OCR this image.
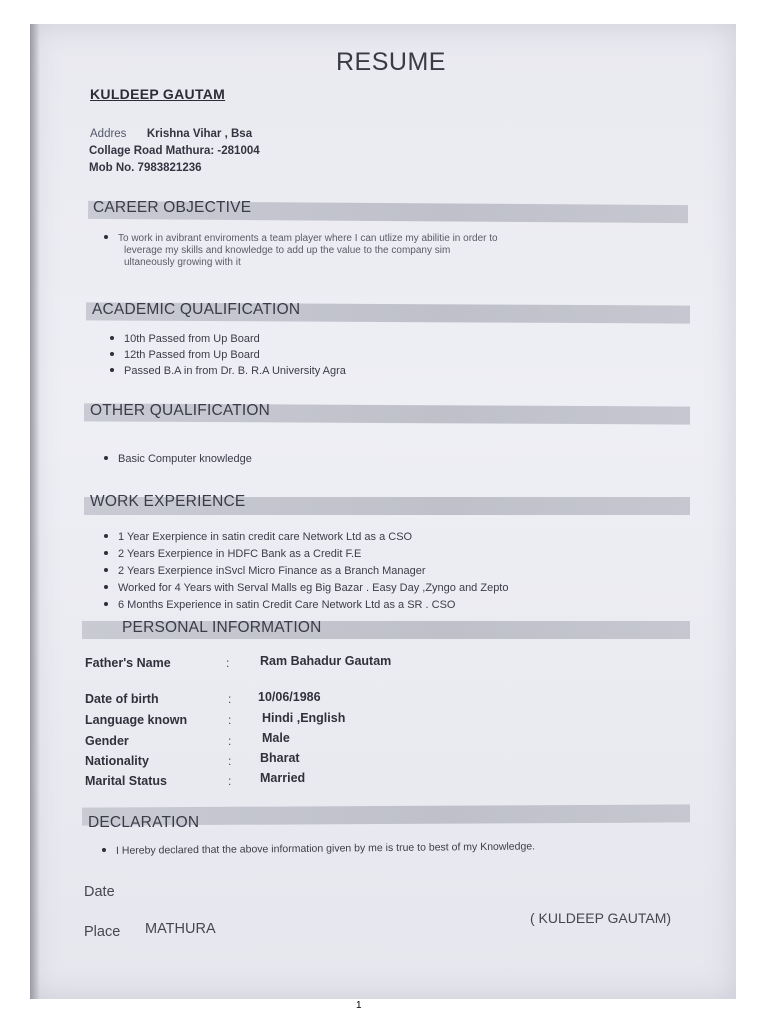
RESUME
KULDEEP GAUTAM
Addres Krishna Vihar , Bsa
Collage Road Mathura: -281004
Mob No. 7983821236
CAREER OBJECTIVE
To work in avibrant enviroments a team player where I can utlize my abilitie in order to
leverage my skills and knowledge to add up the value to the company sim
ultaneously growing with it
ACADEMIC QUALIFICATION
10th Passed from Up Board
12th Passed from Up Board
Passed B.A in from Dr. B. R.A University Agra
OTHER QUALIFICATION
Basic Computer knowledge
WORK EXPERIENCE
1 Year Exerpience in satin credit care Network Ltd as a CSO
2 Years Exerpience in HDFC Bank as a Credit F.E
2 Years Exerpience inSvcl Micro Finance as a Branch Manager
Worked for 4 Years with Serval Malls eg Big Bazar . Easy Day ,Zyngo and Zepto
6 Months Experience in satin Credit Care Network Ltd as a SR . CSO
PERSONAL INFORMATION
Father's Name	: Ram Bahadur Gautam
Date of birth	: 10/06/1986
Language known	: Hindi ,English
Gender	: Male
Nationality	: Bharat
Marital Status	: Married
DECLARATION
I Hereby declared that the above information given by me is true to best of my Knowledge.
Date
Place MATHURA
( KULDEEP GAUTAM)
1
